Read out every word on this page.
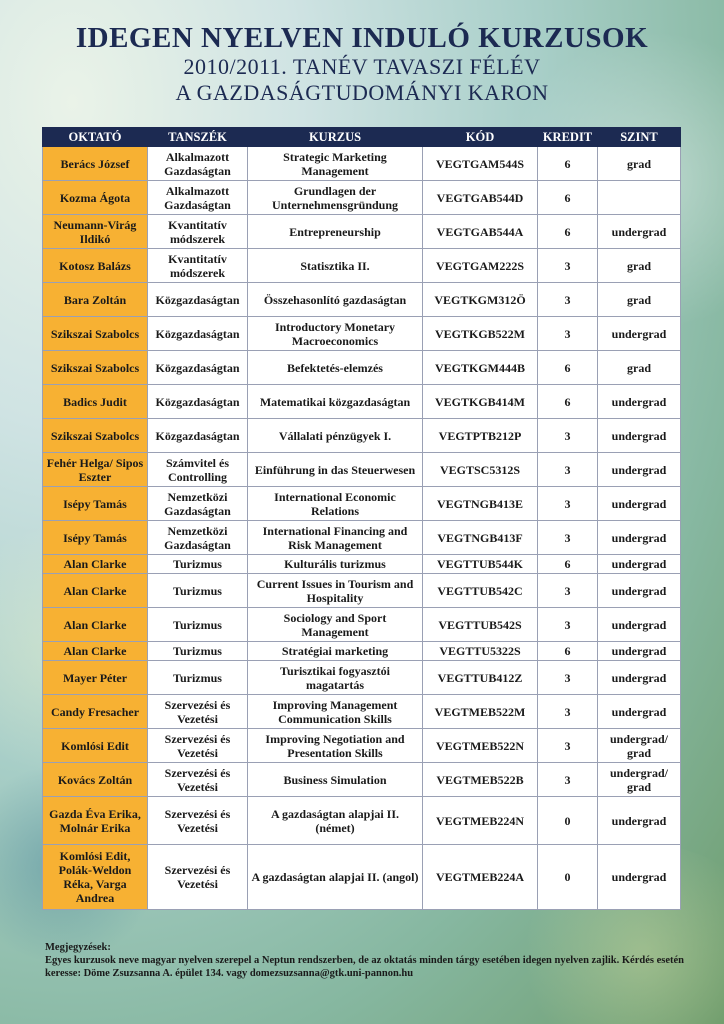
IDEGEN NYELVEN INDULÓ KURZUSOK
2010/2011. TANÉV TAVASZI FÉLÉV
A GAZDASÁGTUDOMÁNYI KARON
OKTATÓ	TANSZÉK	KURZUS	KÓD	KREDIT	SZINT
Berács József	Alkalmazott Gazdaságtan	Strategic Marketing Management	VEGTGAM544S	6	grad
Kozma Ágota	Alkalmazott Gazdaságtan	Grundlagen der Unternehmensgründung	VEGTGAB544D	6	
Neumann-Virág Ildikó	Kvantitatív módszerek	Entrepreneurship	VEGTGAB544A	6	undergrad
Kotosz Balázs	Kvantitatív módszerek	Statisztika II.	VEGTGAM222S	3	grad
Bara Zoltán	Közgazdaságtan	Összehasonlító gazdaságtan	VEGTKGM312Ö	3	grad
Szikszai Szabolcs	Közgazdaságtan	Introductory Monetary Macroeconomics	VEGTKGB522M	3	undergrad
Szikszai Szabolcs	Közgazdaságtan	Befektetés-elemzés	VEGTKGM444B	6	grad
Badics Judit	Közgazdaságtan	Matematikai közgazdaságtan	VEGTKGB414M	6	undergrad
Szikszai Szabolcs	Közgazdaságtan	Vállalati pénzügyek I.	VEGTPTB212P	3	undergrad
Fehér Helga/ Sipos Eszter	Számvitel és Controlling	Einführung in das Steuerwesen	VEGTSC5312S	3	undergrad
Isépy Tamás	Nemzetközi Gazdaságtan	International Economic Relations	VEGTNGB413E	3	undergrad
Isépy Tamás	Nemzetközi Gazdaságtan	International Financing and Risk Management	VEGTNGB413F	3	undergrad
Alan Clarke	Turizmus	Kulturális turizmus	VEGTTUB544K	6	undergrad
Alan Clarke	Turizmus	Current Issues in Tourism and Hospitality	VEGTTUB542C	3	undergrad
Alan Clarke	Turizmus	Sociology and Sport Management	VEGTTUB542S	3	undergrad
Alan Clarke	Turizmus	Stratégiai marketing	VEGTTU5322S	6	undergrad
Mayer Péter	Turizmus	Turisztikai fogyasztói magatartás	VEGTTUB412Z	3	undergrad
Candy Fresacher	Szervezési és Vezetési	Improving Management Communication Skills	VEGTMEB522M	3	undergrad
Komlósi Edit	Szervezési és Vezetési	Improving Negotiation and Presentation Skills	VEGTMEB522N	3	undergrad/ grad
Kovács Zoltán	Szervezési és Vezetési	Business Simulation	VEGTMEB522B	3	undergrad/ grad
Gazda Éva Erika, Molnár Erika	Szervezési és Vezetési	A gazdaságtan alapjai II. (német)	VEGTMEB224N	0	undergrad
Komlósi Edit, Polák-Weldon Réka, Varga Andrea	Szervezési és Vezetési	A gazdaságtan alapjai II. (angol)	VEGTMEB224A	0	undergrad

Megjegyzések:

Egyes kurzusok neve magyar nyelven szerepel a Neptun rendszerben, de az oktatás minden tárgy esetében idegen nyelven zajlik. Kérdés esetén keresse: Döme Zsuzsanna A. épület 134. vagy domezsuzsanna@gtk.uni-pannon.hu
